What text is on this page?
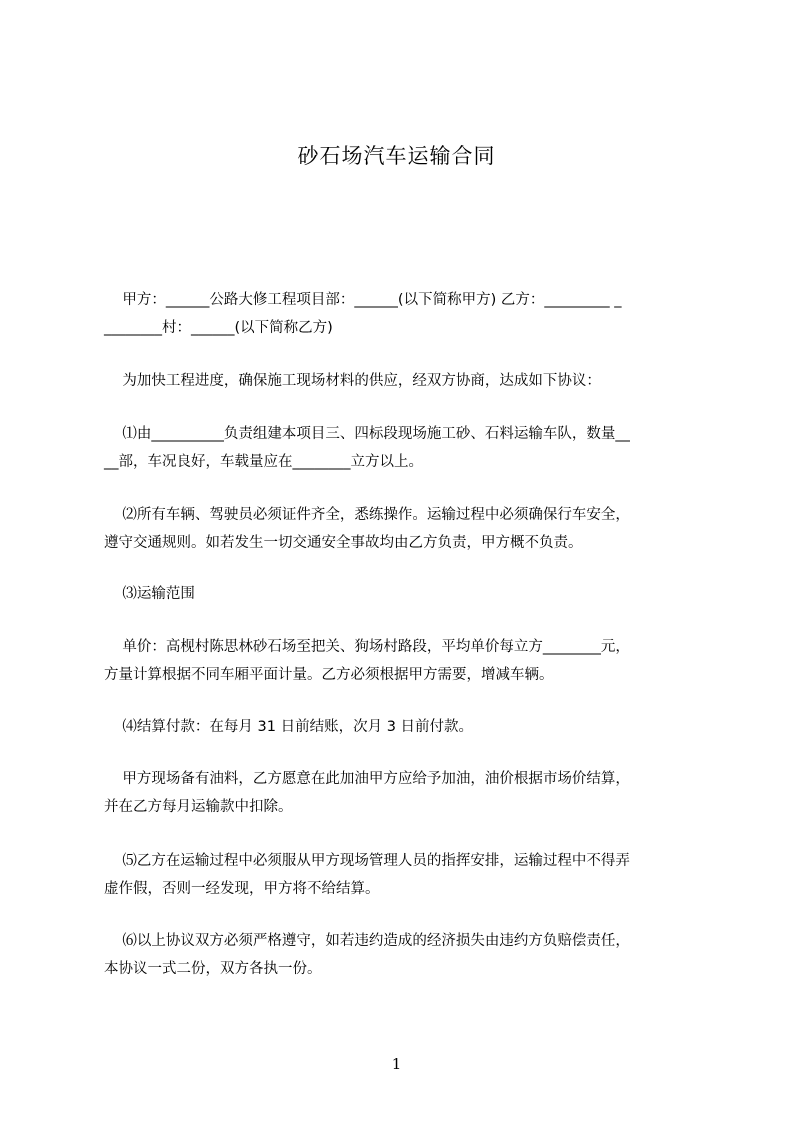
砂石场汽车运输合同

甲方：______公路大修工程项目部：______(以下简称甲方) 乙方：_________ _
________村：______(以下简称乙方)

为加快工程进度，确保施工现场材料的供应，经双方协商，达成如下协议：

⑴由__________负责组建本项目三、四标段现场施工砂、石料运输车队，数量__
__部，车况良好，车载量应在________立方以上。

⑵所有车辆、驾驶员必须证件齐全，悉练操作。运输过程中必须确保行车安全，
遵守交通规则。如若发生一切交通安全事故均由乙方负责，甲方概不负责。

⑶运输范围

单价：高枧村陈思林砂石场至把关、狗场村路段，平均单价每立方________元，
方量计算根据不同车厢平面计量。乙方必须根据甲方需要，增减车辆。

⑷结算付款：在每月 31 日前结账，次月 3 日前付款。

甲方现场备有油料，乙方愿意在此加油甲方应给予加油，油价根据市场价结算，
并在乙方每月运输款中扣除。

⑸乙方在运输过程中必须服从甲方现场管理人员的指挥安排，运输过程中不得弄
虚作假，否则一经发现，甲方将不给结算。

⑹以上协议双方必须严格遵守，如若违约造成的经济损失由违约方负赔偿责任，
本协议一式二份，双方各执一份。

1
